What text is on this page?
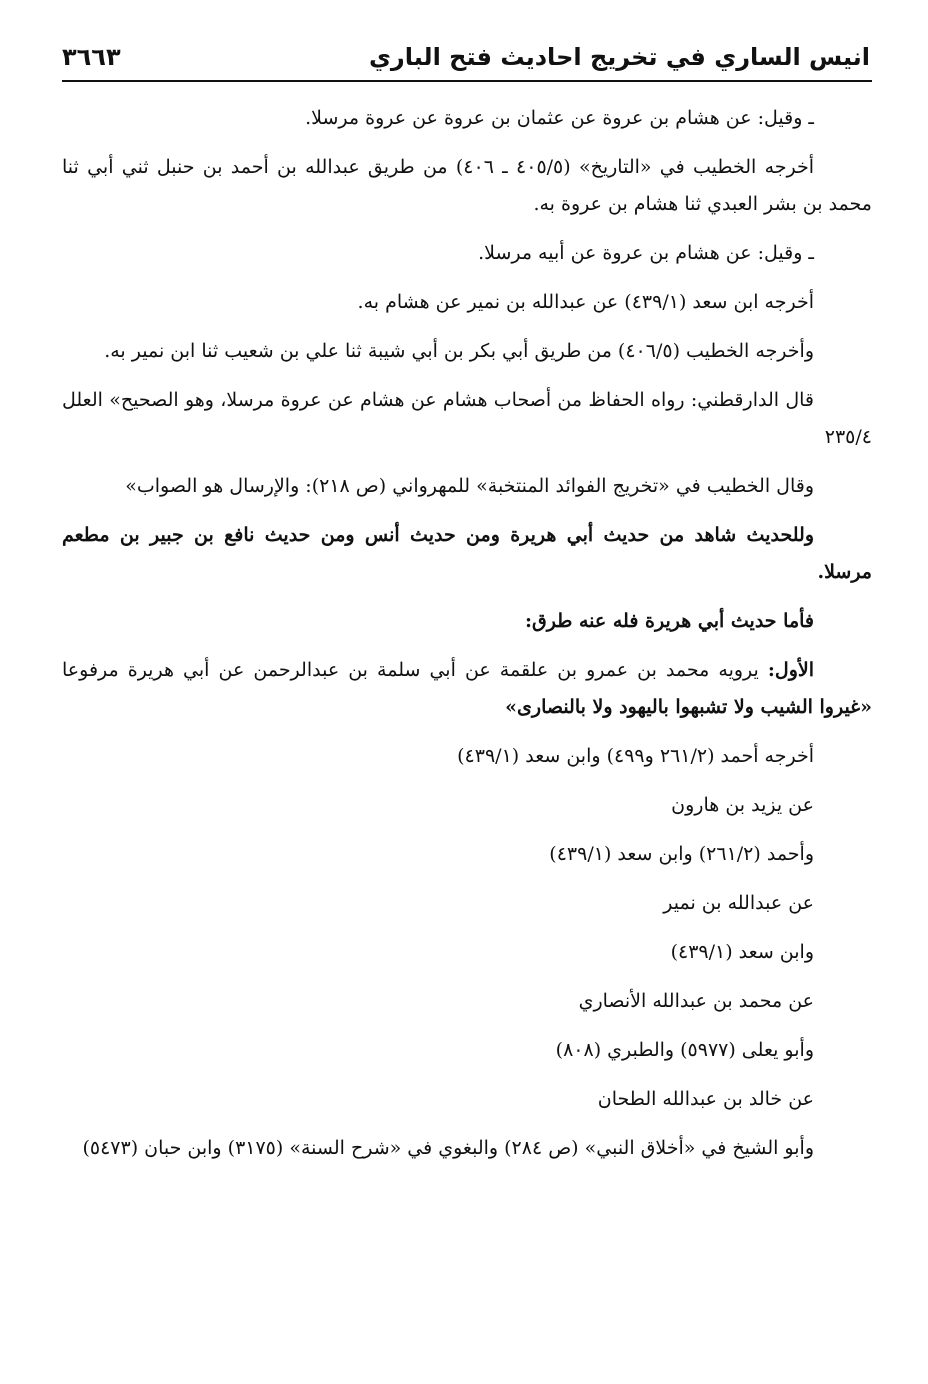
انيس الساري في تخريج احاديث فتح الباري
٣٦٦٣

ـ وقيل: عن هشام بن عروة عن عثمان بن عروة عن عروة مرسلا.

أخرجه الخطيب في «التاريخ» (٤٠٥/٥ ـ ٤٠٦) من طريق عبدالله بن أحمد بن حنبل ثني أبي ثنا محمد بن بشر العبدي ثنا هشام بن عروة به.

ـ وقيل: عن هشام بن عروة عن أبيه مرسلا.

أخرجه ابن سعد (٤٣٩/١) عن عبدالله بن نمير عن هشام به.

وأخرجه الخطيب (٤٠٦/٥) من طريق أبي بكر بن أبي شيبة ثنا علي بن شعيب ثنا ابن نمير به.

قال الدارقطني: رواه الحفاظ من أصحاب هشام عن هشام عن عروة مرسلا، وهو الصحيح» العلل ٢٣٥/٤

وقال الخطيب في «تخريج الفوائد المنتخبة» للمهرواني (ص ٢١٨): والإرسال هو الصواب»

وللحديث شاهد من حديث أبي هريرة ومن حديث أنس ومن حديث نافع بن جبير بن مطعم مرسلا.

فأما حديث أبي هريرة فله عنه طرق:

الأول: يرويه محمد بن عمرو بن علقمة عن أبي سلمة بن عبدالرحمن عن أبي هريرة مرفوعا «غيروا الشيب ولا تشبهوا باليهود ولا بالنصارى»

أخرجه أحمد (٢٦١/٢ و٤٩٩) وابن سعد (٤٣٩/١)

عن يزيد بن هارون

وأحمد (٢٦١/٢) وابن سعد (٤٣٩/١)

عن عبدالله بن نمير

وابن سعد (٤٣٩/١)

عن محمد بن عبدالله الأنصاري

وأبو يعلى (٥٩٧٧) والطبري (٨٠٨)

عن خالد بن عبدالله الطحان

وأبو الشيخ في «أخلاق النبي» (ص ٢٨٤) والبغوي في «شرح السنة» (٣١٧٥) وابن حبان (٥٤٧٣)
